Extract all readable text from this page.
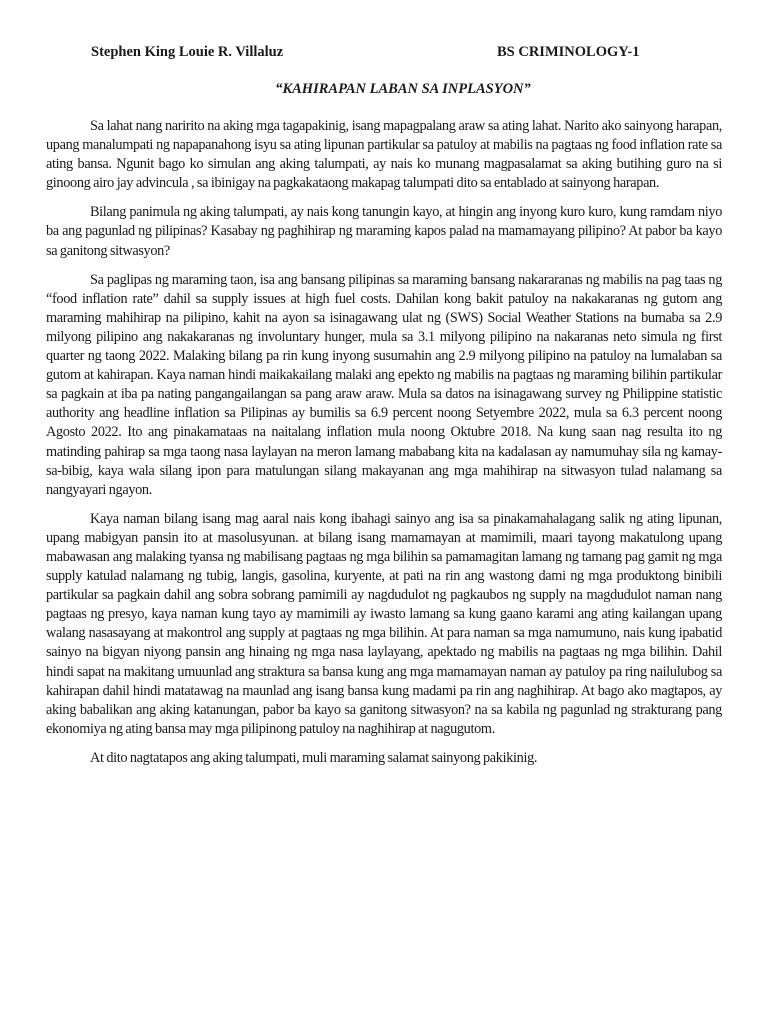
Stephen King Louie R. Villaluz	BS CRIMINOLOGY-1
“KAHIRAPAN LABAN SA INPLASYON”

Sa lahat nang naririto na aking mga tagapakinig, isang mapagpalang araw sa ating lahat. Narito ako sainyong harapan, upang manalumpati ng napapanahong isyu sa ating lipunan partikular sa patuloy at mabilis na pagtaas ng food inflation rate sa ating bansa. Ngunit bago ko simulan ang aking talumpati, ay nais ko munang magpasalamat sa aking butihing guro na si ginoong airo jay advincula , sa ibinigay na pagkakataong makapag talumpati dito sa entablado at sainyong harapan.

Bilang panimula ng aking talumpati, ay nais kong tanungin kayo, at hingin ang inyong kuro kuro, kung ramdam niyo ba ang pagunlad ng pilipinas? Kasabay ng paghihirap ng maraming kapos palad na mamamayang pilipino? At pabor ba kayo sa ganitong sitwasyon?

Sa paglipas ng maraming taon, isa ang bansang pilipinas sa maraming bansang nakararanas ng mabilis na pag taas ng “food inflation rate” dahil sa supply issues at high fuel costs. Dahilan kong bakit patuloy na nakakaranas ng gutom ang maraming mahihirap na pilipino, kahit na ayon sa isinagawang ulat ng (SWS) Social Weather Stations na bumaba sa 2.9 milyong pilipino ang nakakaranas ng involuntary hunger, mula sa 3.1 milyong pilipino na nakaranas neto simula ng first quarter ng taong 2022. Malaking bilang pa rin kung inyong susumahin ang 2.9 milyong pilipino na patuloy na lumalaban sa gutom at kahirapan. Kaya naman hindi maikakailang malaki ang epekto ng mabilis na pagtaas ng maraming bilihin partikular sa pagkain at iba pa nating pangangailangan sa pang araw araw. Mula sa datos na isinagawang survey ng Philippine statistic authority ang headline inflation sa Pilipinas ay bumilis sa 6.9 percent noong Setyembre 2022, mula sa 6.3 percent noong Agosto 2022. Ito ang pinakamataas na naitalang inflation mula noong Oktubre 2018. Na kung saan nag resulta ito ng matinding pahirap sa mga taong nasa laylayan na meron lamang mababang kita na kadalasan ay namumuhay sila ng kamay-sa-bibig, kaya wala silang ipon para matulungan silang makayanan ang mga mahihirap na sitwasyon tulad nalamang sa nangyayari ngayon.

Kaya naman bilang isang mag aaral nais kong ibahagi sainyo ang isa sa pinakamahalagang salik ng ating lipunan, upang mabigyan pansin ito at masolusyunan. at bilang isang mamamayan at mamimili, maari tayong makatulong upang mabawasan ang malaking tyansa ng mabilisang pagtaas ng mga bilihin sa pamamagitan lamang ng tamang pag gamit ng mga supply katulad nalamang ng tubig, langis, gasolina, kuryente, at pati na rin ang wastong dami ng mga produktong binibili partikular sa pagkain dahil ang sobra sobrang pamimili ay nagdudulot ng pagkaubos ng supply na magdudulot naman nang pagtaas ng presyo, kaya naman kung tayo ay mamimili ay iwasto lamang sa kung gaano karami ang ating kailangan upang walang nasasayang at makontrol ang supply at pagtaas ng mga bilihin. At para naman sa mga namumuno, nais kung ipabatid sainyo na bigyan niyong pansin ang hinaing ng mga nasa laylayang, apektado ng mabilis na pagtaas ng mga bilihin. Dahil hindi sapat na makitang umuunlad ang straktura sa bansa kung ang mga mamamayan naman ay patuloy pa ring nailulubog sa kahirapan dahil hindi matatawag na maunlad ang isang bansa kung madami pa rin ang naghihirap. At bago ako magtapos, ay aking babalikan ang aking katanungan, pabor ba kayo sa ganitong sitwasyon? na sa kabila ng pagunlad ng strakturang pang ekonomiya ng ating bansa may mga pilipinong patuloy na naghihirap at nagugutom.

At dito nagtatapos ang aking talumpati, muli maraming salamat sainyong pakikinig.
